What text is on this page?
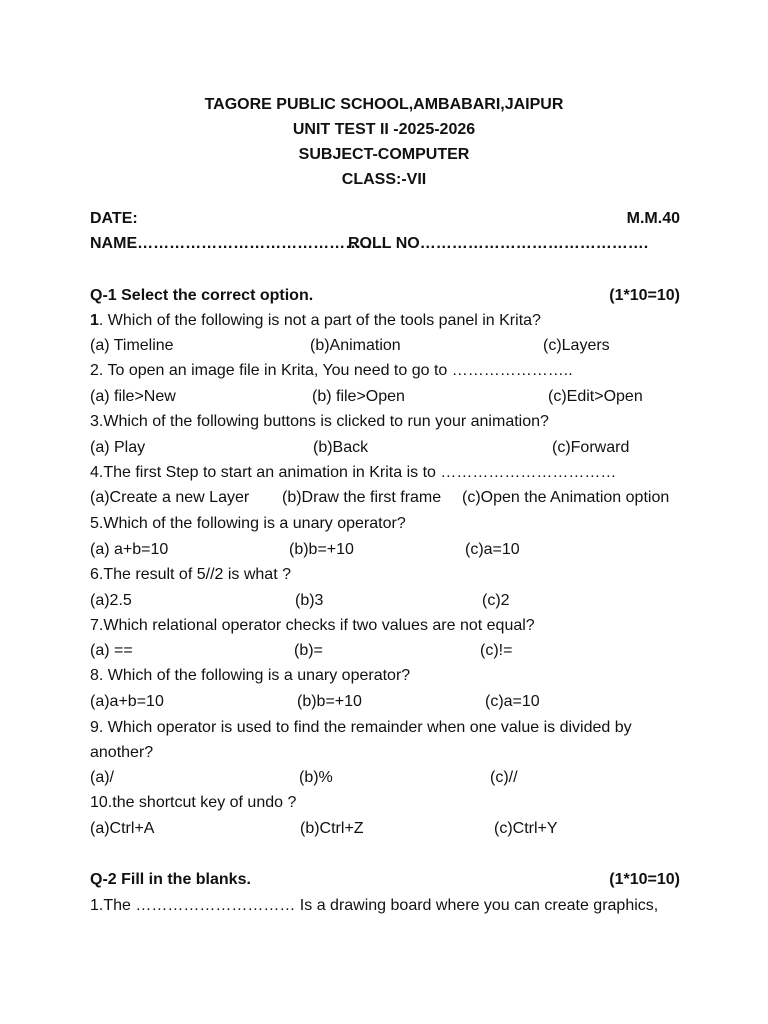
TAGORE PUBLIC SCHOOL,AMBABARI,JAIPUR
UNIT TEST II -2025-2026
SUBJECT-COMPUTER
CLASS:-VII
DATE:	M.M.40
NAME………………………………………..
ROLL NO…………………………………….
Q-1 Select the correct option.	(1*10=10)
1. Which of the following is not a part of the tools panel in Krita?
(a) Timeline	(b)Animation	(c)Layers
2. To open an image file in Krita, You need to go to …………………..
(a) file>New	(b) file>Open	(c)Edit>Open
3.Which of the following buttons is clicked to run your animation?
(a) Play	(b)Back	(c)Forward
4.The first Step to start an animation in Krita is to ……………………………
(a)Create a new Layer (b)Draw the first frame (c)Open the Animation option
5.Which of the following is a unary operator?
(a) a+b=10	(b)b=+10	(c)a=10
6.The result of 5//2 is what ?
(a)2.5	(b)3	(c)2
7.Which relational operator checks if two values are not equal?
(a) ==	(b)=	(c)!=
8. Which of the following is a unary operator?
(a)a+b=10	(b)b=+10	(c)a=10
9. Which operator is used to find the remainder when one value is divided by
another?
(a)/	(b)%	(c)//
10.the shortcut key of undo ?
(a)Ctrl+A	(b)Ctrl+Z	(c)Ctrl+Y
Q-2 Fill in the blanks.	(1*10=10)
1.The ………………………… Is a drawing board where you can create graphics,
